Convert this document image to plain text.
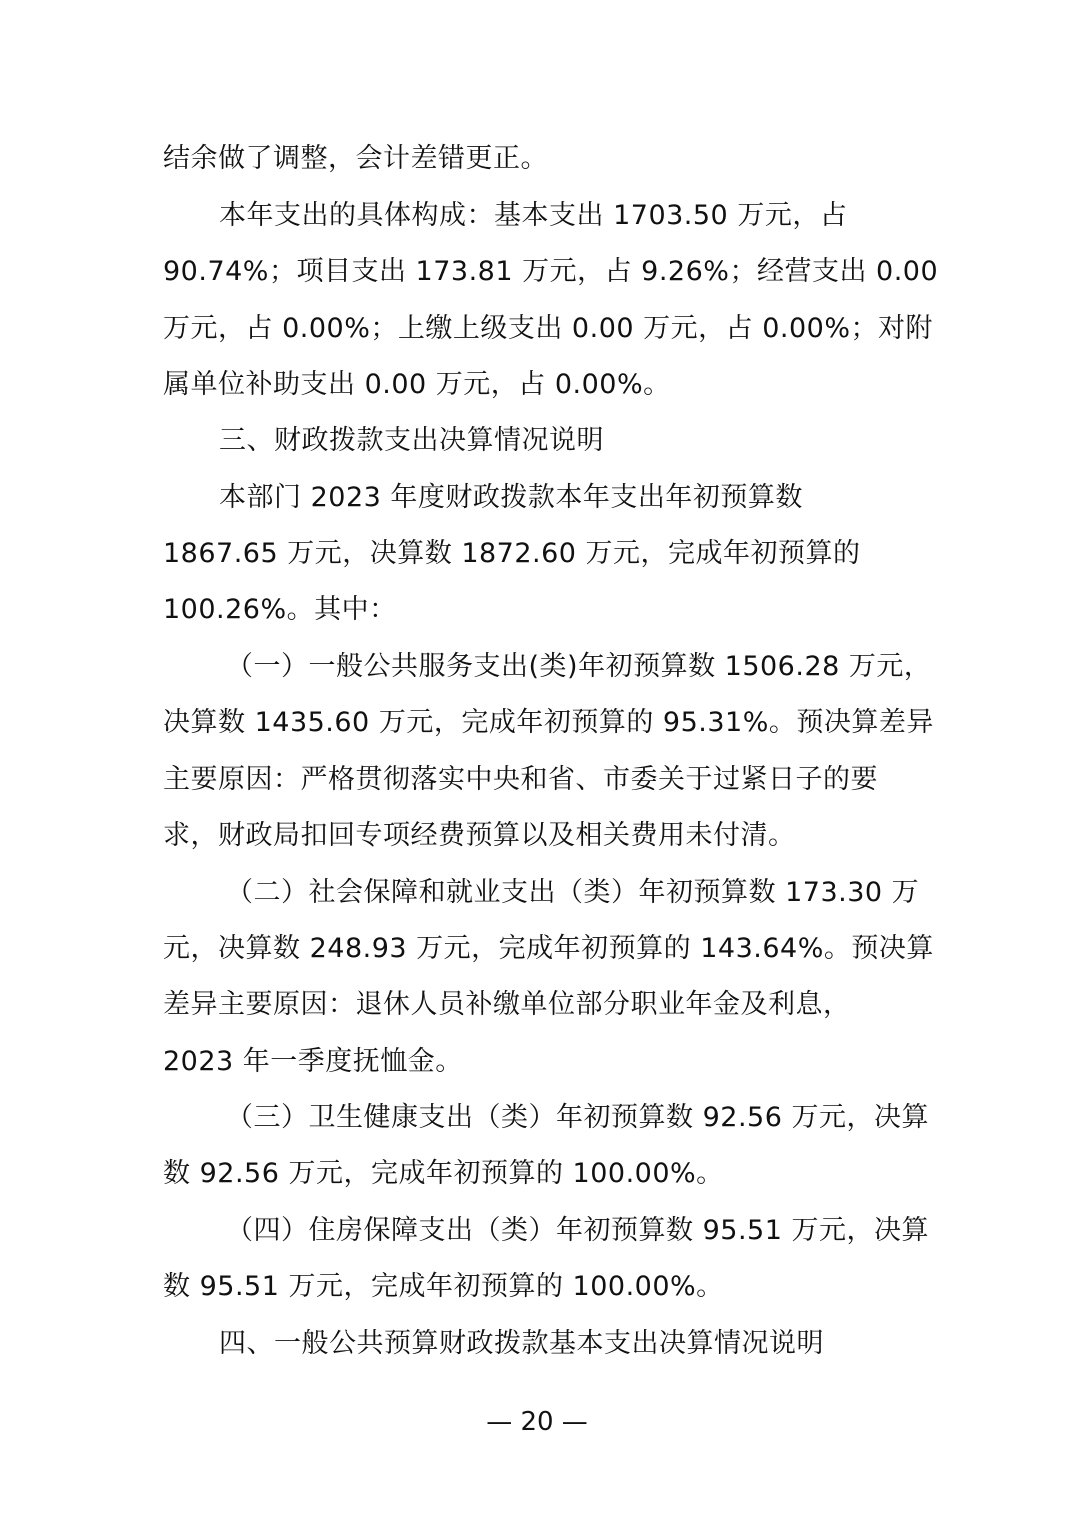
结余做了调整，会计差错更正。
本年支出的具体构成：基本支出 1703.50 万元，占
90.74%；项目支出 173.81 万元，占 9.26%；经营支出 0.00
万元，占 0.00%；上缴上级支出 0.00 万元，占 0.00%；对附
属单位补助支出 0.00 万元，占 0.00%。
三、财政拨款支出决算情况说明
本部门 2023 年度财政拨款本年支出年初预算数
1867.65 万元，决算数 1872.60 万元，完成年初预算的
100.26%。其中：
（一）一般公共服务支出(类)年初预算数 1506.28 万元，
决算数 1435.60 万元，完成年初预算的 95.31%。预决算差异
主要原因：严格贯彻落实中央和省、市委关于过紧日子的要
求，财政局扣回专项经费预算以及相关费用未付清。
（二）社会保障和就业支出（类）年初预算数 173.30 万
元，决算数 248.93 万元，完成年初预算的 143.64%。预决算
差异主要原因：退休人员补缴单位部分职业年金及利息，
2023 年一季度抚恤金。
（三）卫生健康支出（类）年初预算数 92.56 万元，决算
数 92.56 万元，完成年初预算的 100.00%。
（四）住房保障支出（类）年初预算数 95.51 万元，决算
数 95.51 万元，完成年初预算的 100.00%。
四、一般公共预算财政拨款基本支出决算情况说明
— 20 —
